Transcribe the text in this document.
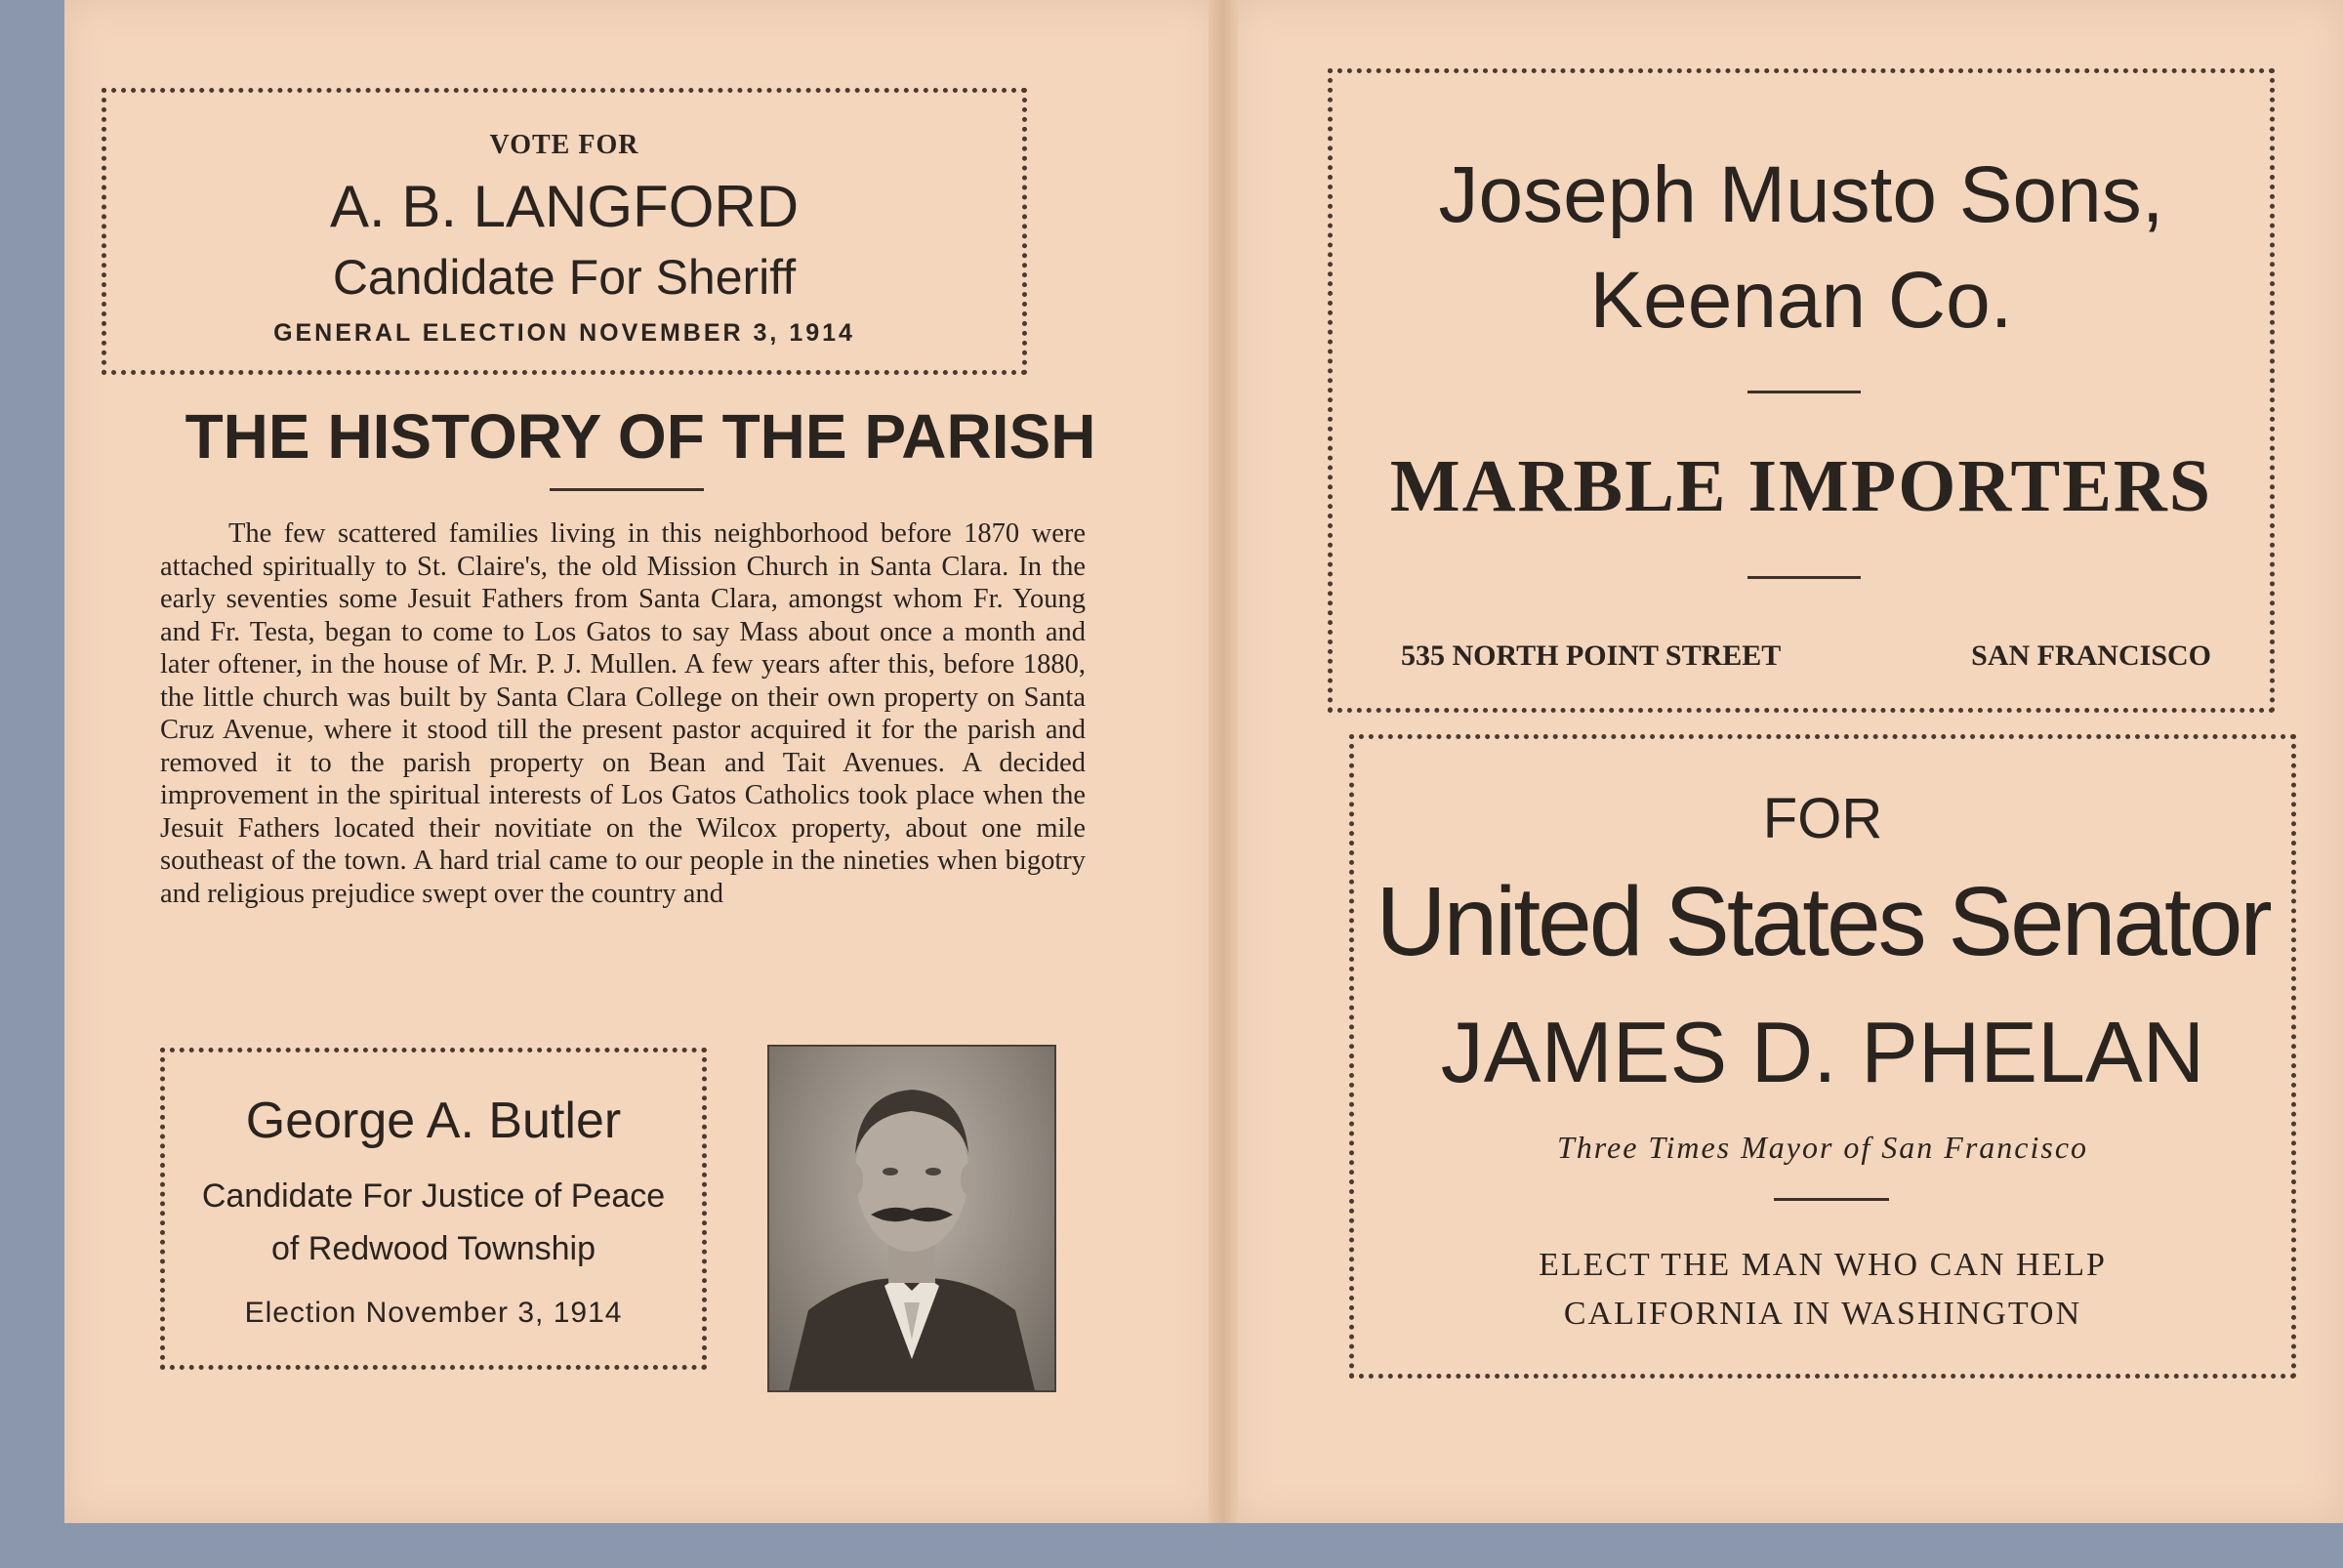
VOTE FOR

A. B. LANGFORD

Candidate For Sheriff

GENERAL ELECTION NOVEMBER 3, 1914

THE HISTORY OF THE PARISH

The few scattered families living in this neighborhood before 1870 were attached spiritually to St. Claire's, the old Mission Church in Santa Clara. In the early seventies some Jesuit Fathers from Santa Clara, amongst whom Fr. Young and Fr. Testa, began to come to Los Gatos to say Mass about once a month and later oftener, in the house of Mr. P. J. Mullen. A few years after this, before 1880, the little church was built by Santa Clara College on their own property on Santa Cruz Avenue, where it stood till the present pastor acquired it for the parish and removed it to the parish property on Bean and Tait Avenues. A decided improvement in the spiritual interests of Los Gatos Catholics took place when the Jesuit Fathers located their novitiate on the Wilcox property, about one mile southeast of the town. A hard trial came to our people in the nineties when bigotry and religious prejudice swept over the country and

George A. Butler

Candidate For Justice of Peace

of Redwood Township

Election November 3, 1914

Joseph Musto Sons,

Keenan Co.

MARBLE IMPORTERS

535 NORTH POINT STREET	SAN FRANCISCO

FOR

United States Senator

JAMES D. PHELAN

Three Times Mayor of San Francisco

ELECT THE MAN WHO CAN HELP

CALIFORNIA IN WASHINGTON
